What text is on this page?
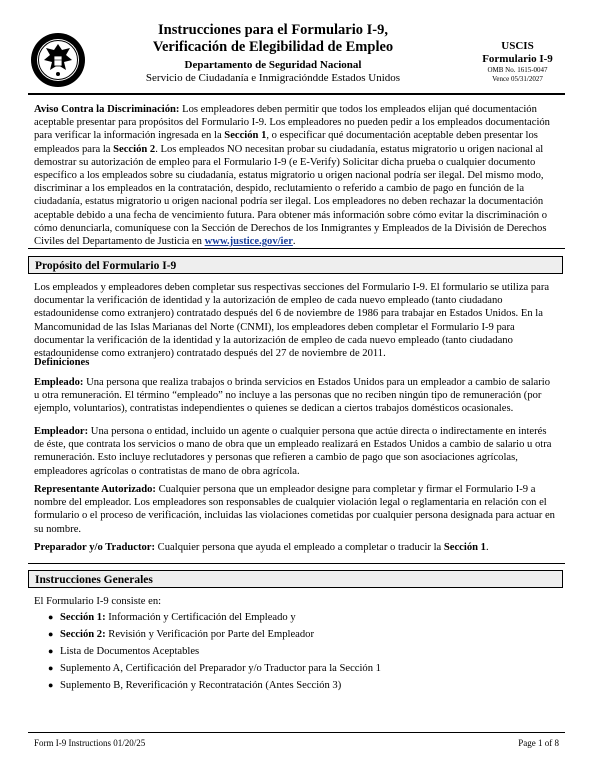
Instrucciones para el Formulario I-9,
Verificación de Elegibilidad de Empleo
Departamento de Seguridad Nacional
Servicio de Ciudadanía e Inmigracióndde Estados Unidos
USCIS
Formulario I-9
OMB No. 1615-0047
Vence 05/31/2027

Aviso Contra la Discriminación: Los empleadores deben permitir que todos los empleados elijan qué documentación aceptable presentar para propósitos del Formulario I-9. Los empleadores no pueden pedir a los empleados documentación para verificar la información ingresada en la Sección 1, o especificar qué documentación aceptable deben presentar los empleados para la Sección 2. Los empleados NO necesitan probar su ciudadanía, estatus migratorio u origen nacional al demostrar su autorización de empleo para el Formulario I-9 (e E-Verify) Solicitar dicha prueba o cualquier documento específico a los empleados sobre su ciudadanía, estatus migratorio u origen nacional podría ser ilegal. Del mismo modo, discriminar a los empleados en la contratación, despido, reclutamiento o referido a cambio de pago en función de la ciudadanía, estatus migratorio u origen nacional podría ser ilegal. Los empleadores no deben rechazar la documentación aceptable debido a una fecha de vencimiento futura. Para obtener más información sobre cómo evitar la discriminación o cómo denunciarla, comuníquese con la Sección de Derechos de los Inmigrantes y Empleados de la División de Derechos Civiles del Departamento de Justicia en www.justice.gov/ier.

Propósito del Formulario I-9

Los empleados y empleadores deben completar sus respectivas secciones del Formulario I-9. El formulario se utiliza para documentar la verificación de identidad y la autorización de empleo de cada nuevo empleado (tanto ciudadano estadounidense como extranjero) contratado después del 6 de noviembre de 1986 para trabajar en Estados Unidos. En la Mancomunidad de las Islas Marianas del Norte (CNMI), los empleadores deben completar el Formulario I-9 para documentar la verificación de la identidad y la autorización de empleo de cada nuevo empleado (tanto ciudadano estadounidense como extranjero) contratado después del 27 de noviembre de 2011.

Definiciones

Empleado: Una persona que realiza trabajos o brinda servicios en Estados Unidos para un empleador a cambio de salario u otra remuneración. El término “empleado” no incluye a las personas que no reciben ningún tipo de remuneración (por ejemplo, voluntarios), contratistas independientes o quienes se dedican a ciertos trabajos domésticos ocasionales.

Empleador: Una persona o entidad, incluido un agente o cualquier persona que actúe directa o indirectamente en interés de éste, que contrata los servicios o mano de obra que un empleado realizará en Estados Unidos a cambio de salario u otra remuneración. Esto incluye reclutadores y personas que refieren a cambio de pago que son asociaciones agrícolas, empleadores agrícolas o contratistas de mano de obra agrícola.

Representante Autorizado: Cualquier persona que un empleador designe para completar y firmar el Formulario I-9 a nombre del empleador. Los empleadores son responsables de cualquier violación legal o reglamentaria en relación con el formulario o el proceso de verificación, incluidas las violaciones cometidas por cualquier persona designada para actuar en su nombre.

Preparador y/o Traductor: Cualquier persona que ayuda el empleado a completar o traducir la Sección 1.

Instrucciones Generales

El Formulario I-9 consiste en:

● Sección 1: Información y Certificación del Empleado y
● Sección 2: Revisión y Verificación por Parte del Empleador
● Lista de Documentos Aceptables
● Suplemento A, Certificación del Preparador y/o Traductor para la Sección 1
● Suplemento B, Reverificación y Recontratación (Antes Sección 3)
Form I-9 Instructions 01/20/25	Page 1 of 8
